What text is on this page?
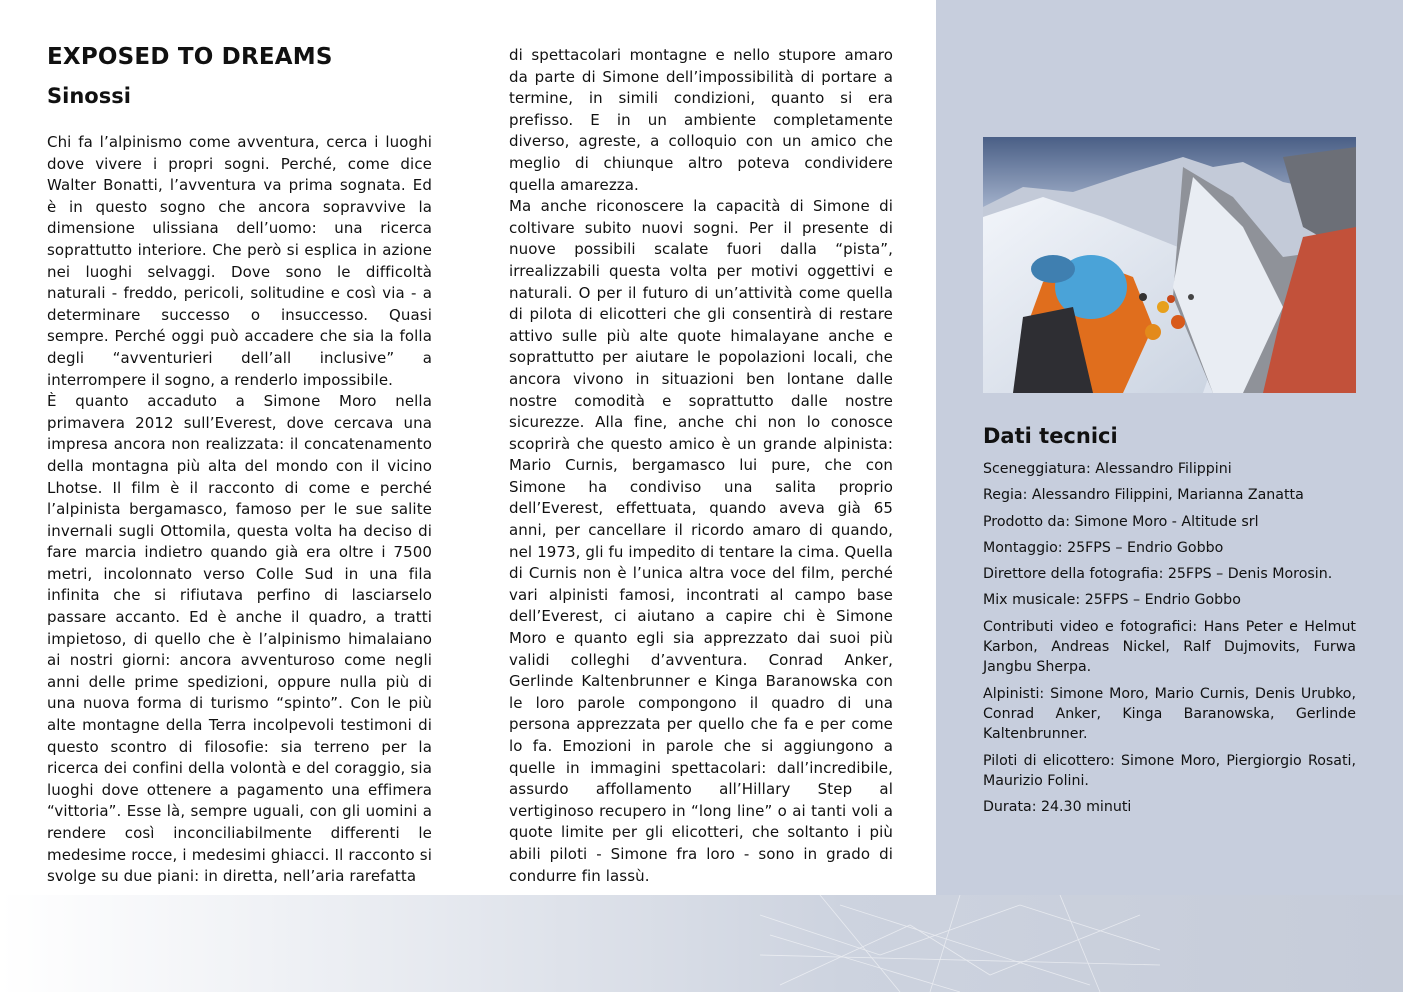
EXPOSED TO DREAMS
Sinossi

Chi fa l’alpinismo come avventura, cerca i luoghi dove vivere i propri sogni. Perché, come dice Walter Bonatti, l’avventura va prima sognata. Ed è in questo sogno che ancora sopravvive la dimensione ulissiana dell’uomo: una ricerca soprattutto interiore. Che però si esplica in azione nei luoghi selvaggi. Dove sono le difficoltà naturali - freddo, pericoli, solitudine e così via - a determinare successo o insuccesso. Quasi sempre. Perché oggi può accadere che sia la folla degli “avventurieri dell’all inclusive” a interrompere il sogno, a renderlo impossibile.

È quanto accaduto a Simone Moro nella primavera 2012 sull’Everest, dove cercava una impresa ancora non realizzata: il concatenamento della montagna più alta del mondo con il vicino Lhotse. Il film è il racconto di come e perché l’alpinista bergamasco, famoso per le sue salite invernali sugli Ottomila, questa volta ha deciso di fare marcia indietro quando già era oltre i 7500 metri, incolonnato verso Colle Sud in una fila infinita che si rifiutava perfino di lasciarselo passare accanto. Ed è anche il quadro, a tratti impietoso, di quello che è l’alpinismo himalaiano ai nostri giorni: ancora avventuroso come negli anni delle prime spedizioni, oppure nulla più di una nuova forma di turismo “spinto”. Con le più alte montagne della Terra incolpevoli testimoni di questo scontro di filosofie: sia terreno per la ricerca dei confini della volontà e del coraggio, sia luoghi dove ottenere a pagamento una effimera “vittoria”. Esse là, sempre uguali, con gli uomini a rendere così inconciliabilmente differenti le medesime rocce, i medesimi ghiacci. Il racconto si svolge su due piani: in diretta, nell’aria rarefatta

di spettacolari montagne e nello stupore amaro da parte di Simone dell’impossibilità di portare a termine, in simili condizioni, quanto si era prefisso. E in un ambiente completamente diverso, agreste, a colloquio con un amico che meglio di chiunque altro poteva condividere quella amarezza.

Ma anche riconoscere la capacità di Simone di coltivare subito nuovi sogni. Per il presente di nuove possibili scalate fuori dalla “pista”, irrealizzabili questa volta per motivi oggettivi e naturali. O per il futuro di un’attività come quella di pilota di elicotteri che gli consentirà di restare attivo sulle più alte quote himalayane anche e soprattutto per aiutare le popolazioni locali, che ancora vivono in situazioni ben lontane dalle nostre comodità e soprattutto dalle nostre sicurezze. Alla fine, anche chi non lo conosce scoprirà che questo amico è un grande alpinista: Mario Curnis, bergamasco lui pure, che con Simone ha condiviso una salita proprio dell’Everest, effettuata, quando aveva già 65 anni, per cancellare il ricordo amaro di quando, nel 1973, gli fu impedito di tentare la cima. Quella di Curnis non è l’unica altra voce del film, perché vari alpinisti famosi, incontrati al campo base dell’Everest, ci aiutano a capire chi è Simone Moro e quanto egli sia apprezzato dai suoi più validi colleghi d’avventura. Conrad Anker, Gerlinde Kaltenbrunner e Kinga Baranowska con le loro parole compongono il quadro di una persona apprezzata per quello che fa e per come lo fa. Emozioni in parole che si aggiungono a quelle in immagini spettacolari: dall’incredibile, assurdo affollamento all’Hillary Step al vertiginoso recupero in “long line” o ai tanti voli a quote limite per gli elicotteri, che soltanto i più abili piloti - Simone fra loro - sono in grado di condurre fin lassù.

Dati tecnici

Sceneggiatura: Alessandro Filippini

Regia: Alessandro Filippini, Marianna Zanatta

Prodotto da: Simone Moro - Altitude srl

Montaggio: 25FPS – Endrio Gobbo

Direttore della fotografia: 25FPS – Denis Morosin.

Mix musicale: 25FPS – Endrio Gobbo

Contributi video e fotografici: Hans Peter e Helmut Karbon, Andreas Nickel, Ralf Dujmovits, Furwa Jangbu Sherpa.

Alpinisti: Simone Moro, Mario Curnis, Denis Urubko, Conrad Anker, Kinga Baranowska, Gerlinde Kaltenbrunner.

Piloti di elicottero: Simone Moro, Piergiorgio Rosati, Maurizio Folini.

Durata: 24.30 minuti
